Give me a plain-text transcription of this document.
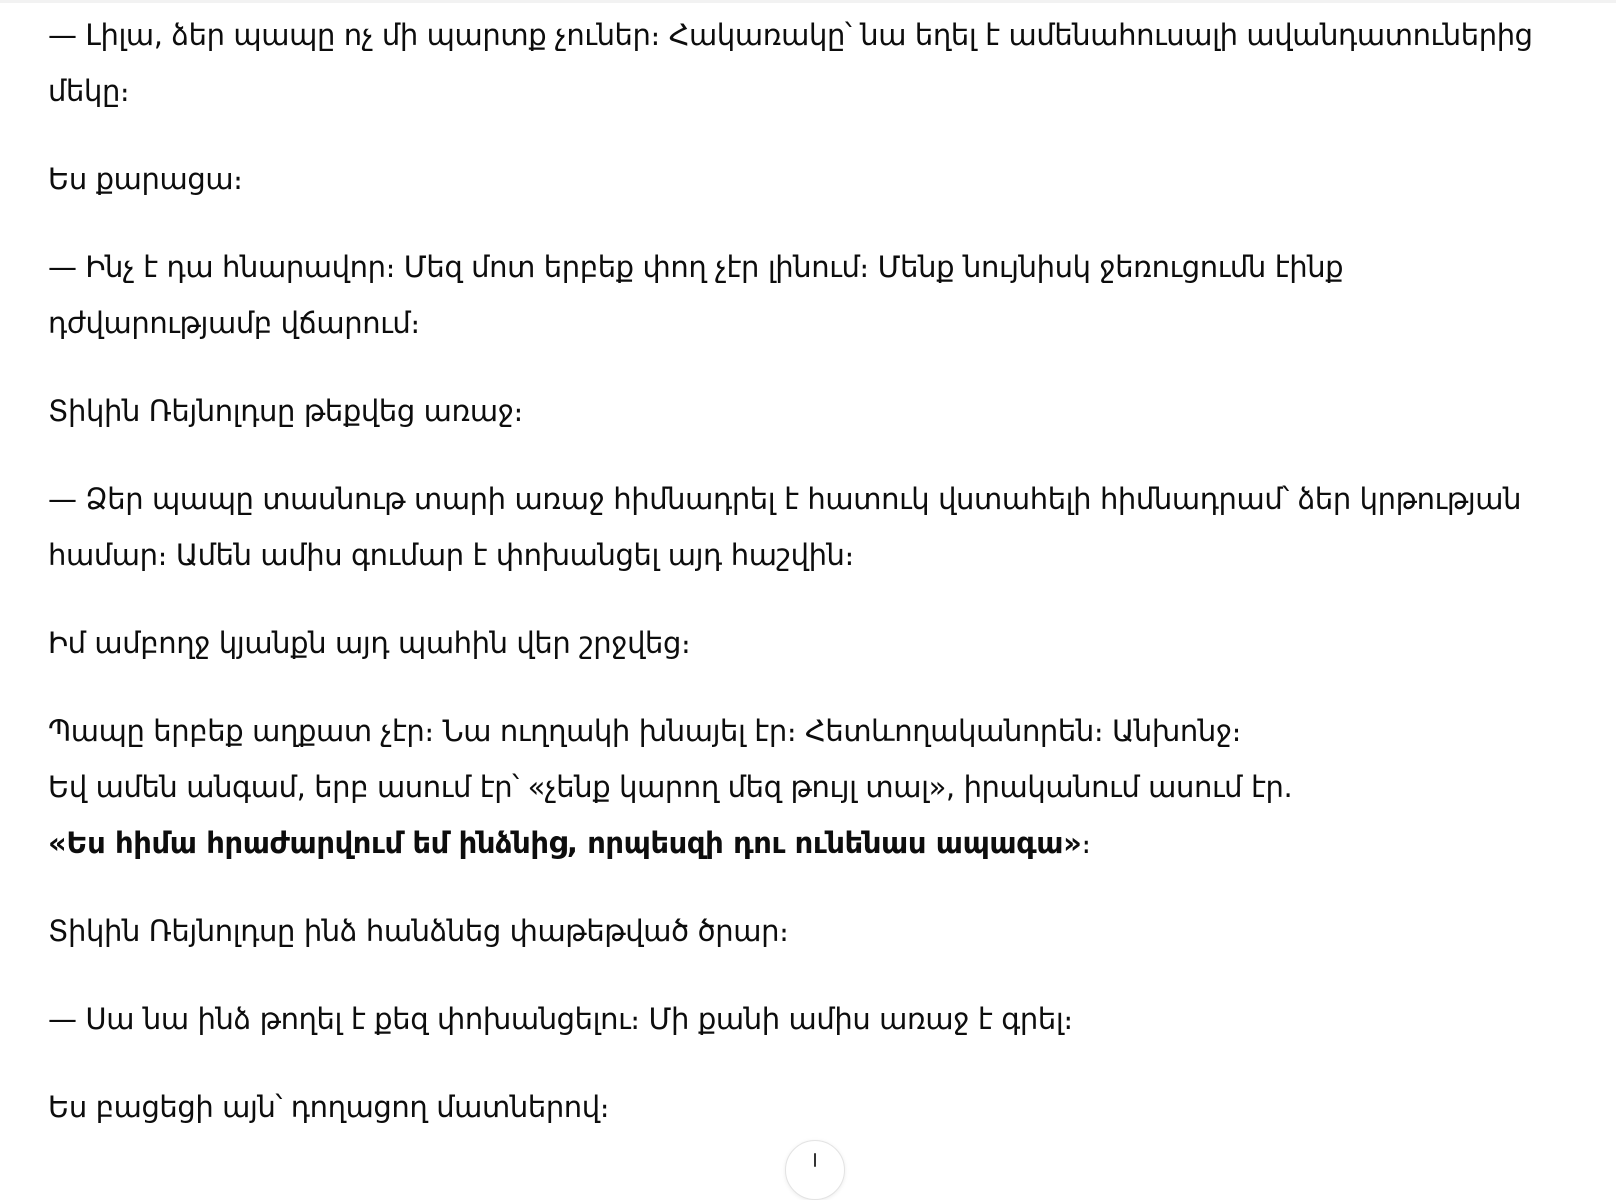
— Լիլա, ձեր պապը ոչ մի պարտք չուներ։ Հակառակը՝ նա եղել է ամենահուսալի ավանդատուներից
մեկը։

Ես քարացա։

— Ինչ է դա հնարավոր։ Մեզ մոտ երբեք փող չէր լինում։ Մենք նույնիսկ ջեռուցումն էինք
դժվարությամբ վճարում։

Տիկին Ռեյնոլդսը թեքվեց առաջ։

— Ձեր պապը տասնութ տարի առաջ հիմնադրել է հատուկ վստահելի հիմնադրամ՝ ձեր կրթության
համար։ Ամեն ամիս գումար է փոխանցել այդ հաշվին։

Իմ ամբողջ կյանքն այդ պահին վեր շրջվեց։

Պապը երբեք աղքատ չէր։ Նա ուղղակի խնայել էր։ Հետևողականորեն։ Անխոնջ։
Եվ ամեն անգամ, երբ ասում էր՝ «չենք կարող մեզ թույլ տալ», իրականում ասում էր.
«Ես հիմա հրաժարվում եմ ինձնից, որպեսզի դու ունենաս ապագա»։

Տիկին Ռեյնոլդսը ինձ հանձնեց փաթեթված ծրար։

— Սա նա ինձ թողել է քեզ փոխանցելու։ Մի քանի ամիս առաջ է գրել։

Ես բացեցի այն՝ դողացող մատներով։
